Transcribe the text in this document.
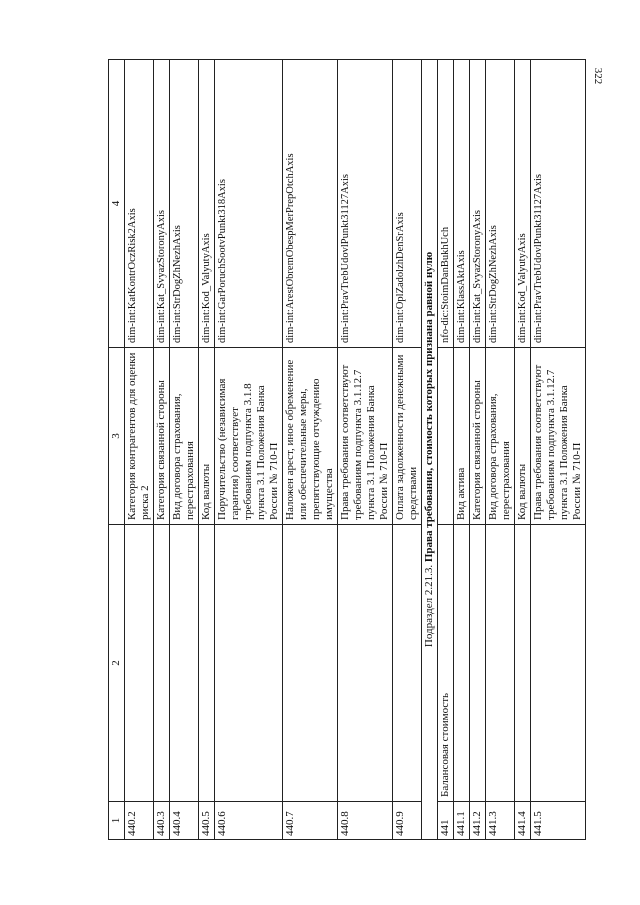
322
1	2	3	4
440.2		Категория контрагентов для оценки риска 2	dim-int:KatKontrOczRisk2Axis
440.3		Категория связанной стороны	dim-int:Kat_SvyazStoronyAxis
440.4		Вид договора страхования, перестрахования	dim-int:StrDogZhNezhAxis
440.5		Код валюты	dim-int:Kod_ValyutyAxis
440.6		Поручительство (независимая гарантия) соответствует требованиям подпункта 3.1.8 пункта 3.1 Положения Банка России № 710-П	dim-int:GarPoruchSootvPunkt318Axis
440.7		Наложен арест, иное обременение или обеспечительные меры, препятствующие отчуждению имущества	dim-int:ArestObremObespMerPrepOtchAxis
440.8		Права требования соответствуют требованиям подпункта 3.1.12.7 пункта 3.1 Положения Банка России № 710-П	dim-int:PravTrebUdovlPunkt31127Axis
440.9		Оплата задолженности денежными средствами	dim-int:OplZadolzhDenSrAxis
Подраздел 2.21.3. Права требования, стоимость которых признана равной нулю			
441	Балансовая стоимость		nfo-dic:StoimDanBukhUch
441.1		Вид актива	dim-int:KlassAktAxis
441.2		Категория связанной стороны	dim-int:Kat_SvyazStoronyAxis
441.3		Вид договора страхования, перестрахования	dim-int:StrDogZhNezhAxis
441.4		Код валюты	dim-int:Kod_ValyutyAxis
441.5		Права требования соответствуют требованиям подпункта 3.1.12.7 пункта 3.1 Положения Банка России № 710-П	dim-int:PravTrebUdovlPunkt31127Axis
